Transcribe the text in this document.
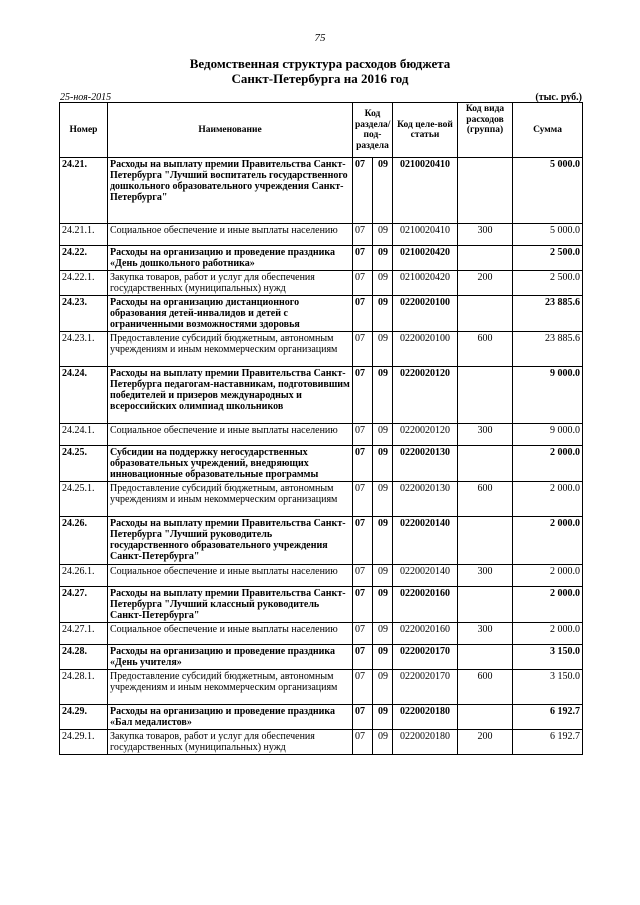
75
Ведомственная структура расходов бюджета
Санкт-Петербурга на 2016 год
25-ноя-2015	(тыс. руб.)
Номер	Наименование	Код раздела/ под-раздела		Код целе-вой статьи	Код вида расходов (группа)	Сумма
24.21.	Расходы на выплату премии Правительства Санкт-Петербурга "Лучший воспитатель государственного дошкольного образовательного учреждения Санкт-Петербурга"	07	09	0210020410		5 000.0
24.21.1.	Социальное обеспечение и иные выплаты населению	07	09	0210020410	300	5 000.0
24.22.	Расходы на организацию и проведение праздника «День дошкольного работника»	07	09	0210020420		2 500.0
24.22.1.	Закупка товаров, работ и услуг для обеспечения государственных (муниципальных) нужд	07	09	0210020420	200	2 500.0
24.23.	Расходы на организацию дистанционного образования детей-инвалидов и детей с ограниченными возможностями здоровья	07	09	0220020100		23 885.6
24.23.1.	Предоставление субсидий бюджетным, автономным учреждениям и иным некоммерческим организациям	07	09	0220020100	600	23 885.6
24.24.	Расходы на выплату премии Правительства Санкт-Петербурга педагогам-наставникам, подготовившим победителей и призеров международных и всероссийских олимпиад школьников	07	09	0220020120		9 000.0
24.24.1.	Социальное обеспечение и иные выплаты населению	07	09	0220020120	300	9 000.0
24.25.	Субсидии на поддержку негосударственных образовательных учреждений, внедряющих инновационные образовательные программы	07	09	0220020130		2 000.0
24.25.1.	Предоставление субсидий бюджетным, автономным учреждениям и иным некоммерческим организациям	07	09	0220020130	600	2 000.0
24.26.	Расходы на выплату премии Правительства Санкт-Петербурга "Лучший руководитель государственного образовательного учреждения Санкт-Петербурга"	07	09	0220020140		2 000.0
24.26.1.	Социальное обеспечение и иные выплаты населению	07	09	0220020140	300	2 000.0
24.27.	Расходы на выплату премии Правительства Санкт-Петербурга "Лучший классный руководитель Санкт-Петербурга"	07	09	0220020160		2 000.0
24.27.1.	Социальное обеспечение и иные выплаты населению	07	09	0220020160	300	2 000.0
24.28.	Расходы на организацию и проведение праздника «День учителя»	07	09	0220020170		3 150.0
24.28.1.	Предоставление субсидий бюджетным, автономным учреждениям и иным некоммерческим организациям	07	09	0220020170	600	3 150.0
24.29.	Расходы на организацию и проведение праздника «Бал медалистов»	07	09	0220020180		6 192.7
24.29.1.	Закупка товаров, работ и услуг для обеспечения государственных (муниципальных) нужд	07	09	0220020180	200	6 192.7
